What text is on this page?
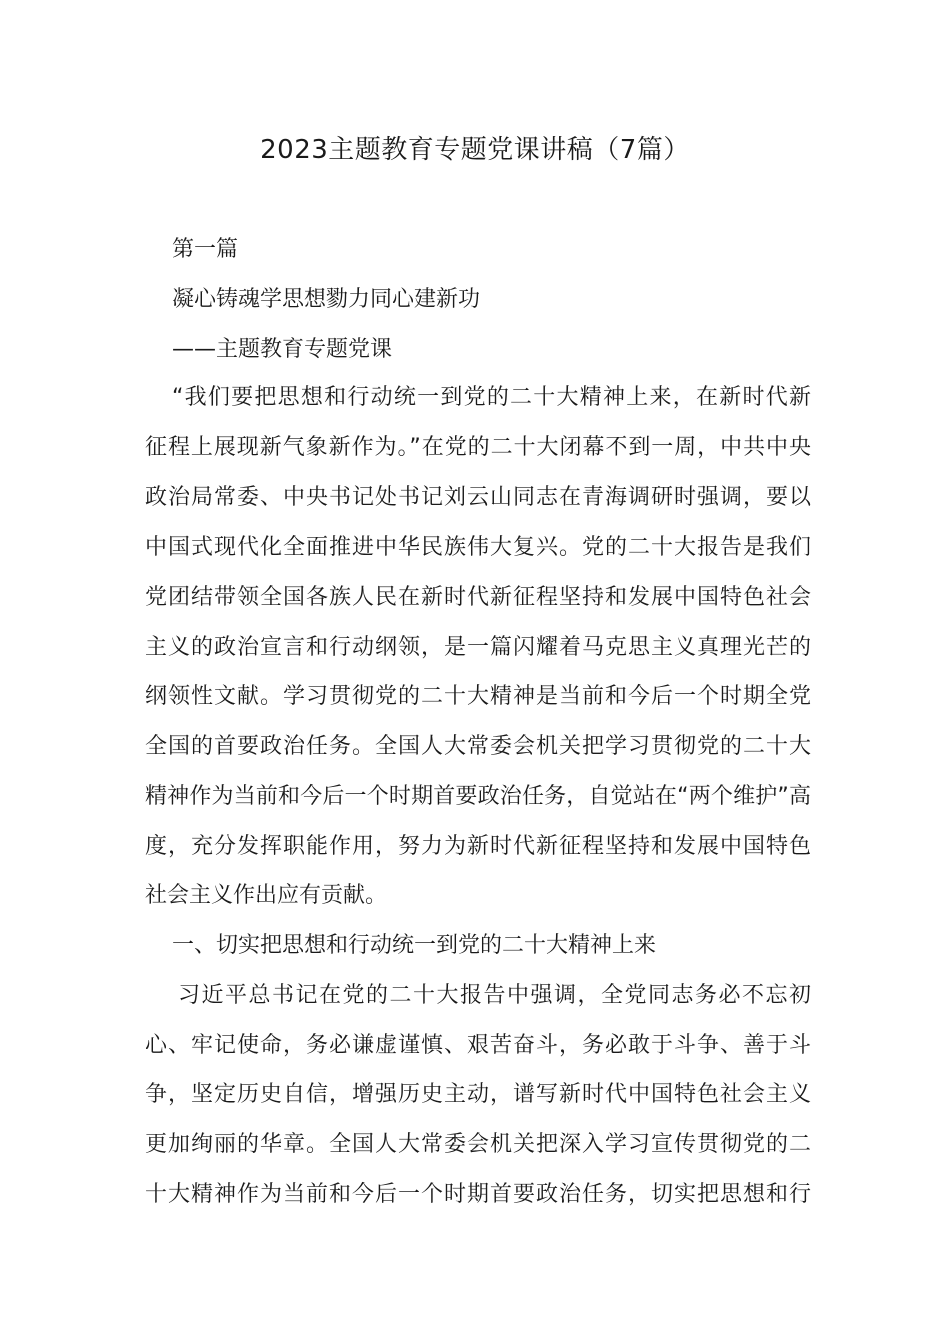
2023主题教育专题党课讲稿（7篇）
第一篇
凝心铸魂学思想勠力同心建新功
——主题教育专题党课
“我们要把思想和行动统一到党的二十大精神上来，在新时代新
征程上展现新气象新作为。”在党的二十大闭幕不到一周，中共中央
政治局常委、中央书记处书记刘云山同志在青海调研时强调，要以
中国式现代化全面推进中华民族伟大复兴。党的二十大报告是我们
党团结带领全国各族人民在新时代新征程坚持和发展中国特色社会
主义的政治宣言和行动纲领，是一篇闪耀着马克思主义真理光芒的
纲领性文献。学习贯彻党的二十大精神是当前和今后一个时期全党
全国的首要政治任务。全国人大常委会机关把学习贯彻党的二十大
精神作为当前和今后一个时期首要政治任务，自觉站在“两个维护”高
度，充分发挥职能作用，努力为新时代新征程坚持和发展中国特色
社会主义作出应有贡献。
一、切实把思想和行动统一到党的二十大精神上来
习近平总书记在党的二十大报告中强调，全党同志务必不忘初
心、牢记使命，务必谦虚谨慎、艰苦奋斗，务必敢于斗争、善于斗
争，坚定历史自信，增强历史主动，谱写新时代中国特色社会主义
更加绚丽的华章。全国人大常委会机关把深入学习宣传贯彻党的二
十大精神作为当前和今后一个时期首要政治任务，切实把思想和行
